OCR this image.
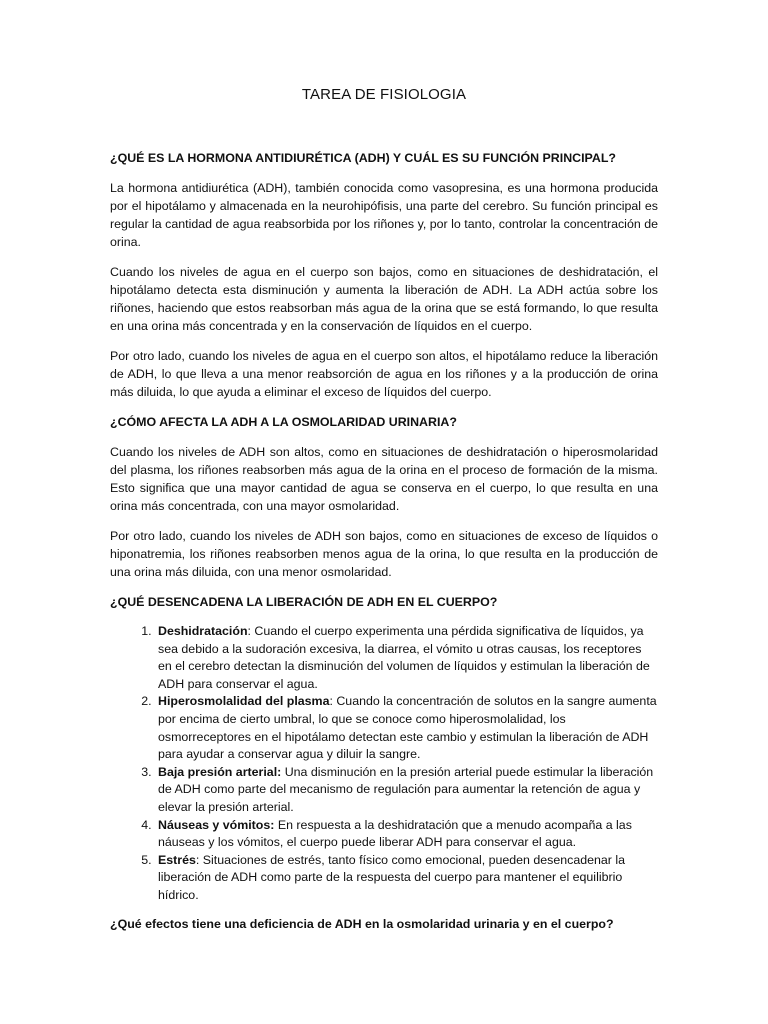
TAREA DE FISIOLOGIA
¿QUÉ ES LA HORMONA ANTIDIURÉTICA (ADH) Y CUÁL ES SU FUNCIÓN PRINCIPAL?

La hormona antidiurética (ADH), también conocida como vasopresina, es una hormona producida por el hipotálamo y almacenada en la neurohipófisis, una parte del cerebro. Su función principal es regular la cantidad de agua reabsorbida por los riñones y, por lo tanto, controlar la concentración de orina.

Cuando los niveles de agua en el cuerpo son bajos, como en situaciones de deshidratación, el hipotálamo detecta esta disminución y aumenta la liberación de ADH. La ADH actúa sobre los riñones, haciendo que estos reabsorban más agua de la orina que se está formando, lo que resulta en una orina más concentrada y en la conservación de líquidos en el cuerpo.

Por otro lado, cuando los niveles de agua en el cuerpo son altos, el hipotálamo reduce la liberación de ADH, lo que lleva a una menor reabsorción de agua en los riñones y a la producción de orina más diluida, lo que ayuda a eliminar el exceso de líquidos del cuerpo.

¿CÓMO AFECTA LA ADH A LA OSMOLARIDAD URINARIA?

Cuando los niveles de ADH son altos, como en situaciones de deshidratación o hiperosmolaridad del plasma, los riñones reabsorben más agua de la orina en el proceso de formación de la misma. Esto significa que una mayor cantidad de agua se conserva en el cuerpo, lo que resulta en una orina más concentrada, con una mayor osmolaridad.

Por otro lado, cuando los niveles de ADH son bajos, como en situaciones de exceso de líquidos o hiponatremia, los riñones reabsorben menos agua de la orina, lo que resulta en la producción de una orina más diluida, con una menor osmolaridad.

¿QUÉ DESENCADENA LA LIBERACIÓN DE ADH EN EL CUERPO?
1. Deshidratación: Cuando el cuerpo experimenta una pérdida significativa de líquidos, ya sea debido a la sudoración excesiva, la diarrea, el vómito u otras causas, los receptores en el cerebro detectan la disminución del volumen de líquidos y estimulan la liberación de ADH para conservar el agua.
2. Hiperosmolalidad del plasma: Cuando la concentración de solutos en la sangre aumenta por encima de cierto umbral, lo que se conoce como hiperosmolalidad, los osmorreceptores en el hipotálamo detectan este cambio y estimulan la liberación de ADH para ayudar a conservar agua y diluir la sangre.
3. Baja presión arterial: Una disminución en la presión arterial puede estimular la liberación de ADH como parte del mecanismo de regulación para aumentar la retención de agua y elevar la presión arterial.
4. Náuseas y vómitos: En respuesta a la deshidratación que a menudo acompaña a las náuseas y los vómitos, el cuerpo puede liberar ADH para conservar el agua.
5. Estrés: Situaciones de estrés, tanto físico como emocional, pueden desencadenar la liberación de ADH como parte de la respuesta del cuerpo para mantener el equilibrio hídrico.
¿Qué efectos tiene una deficiencia de ADH en la osmolaridad urinaria y en el cuerpo?
